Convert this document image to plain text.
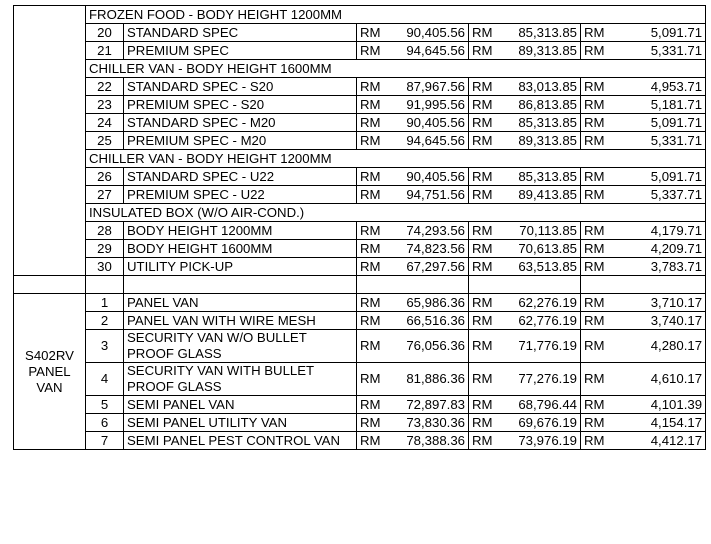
	FROZEN FOOD - BODY HEIGHT 1200MM				
	20	STANDARD SPEC	RM 90,405.56	RM 85,313.85	RM 5,091.71

	21	PREMIUM SPEC	RM 94,645.56	RM 89,313.85	RM 5,331.71

	CHILLER VAN - BODY HEIGHT 1600MM				
	22	STANDARD SPEC - S20	RM 87,967.56	RM 83,013.85	RM 4,953.71

	23	PREMIUM SPEC - S20	RM 91,995.56	RM 86,813.85	RM 5,181.71

	24	STANDARD SPEC - M20	RM 90,405.56	RM 85,313.85	RM 5,091.71

	25	PREMIUM SPEC - M20	RM 94,645.56	RM 89,313.85	RM 5,331.71

	CHILLER VAN - BODY HEIGHT 1200MM				
	26	STANDARD SPEC - U22	RM 90,405.56	RM 85,313.85	RM 5,091.71

	27	PREMIUM SPEC - U22	RM 94,751.56	RM 89,413.85	RM 5,337.71

	INSULATED BOX (W/O AIR-COND.)				
	28	BODY HEIGHT 1200MM	RM 74,293.56	RM 70,113.85	RM 4,179.71

	29	BODY HEIGHT 1600MM	RM 74,823.56	RM 70,613.85	RM 4,209.71

	30	UTILITY PICK-UP	RM 67,297.56	RM 63,513.85	RM 3,783.71

S402RV
PANEL
VAN	1	PANEL VAN	RM 65,986.36	RM 62,276.19	RM 3,710.17

	2	PANEL VAN WITH WIRE MESH	RM 66,516.36	RM 62,776.19	RM 3,740.17

	3	SECURITY VAN W/O BULLET
PROOF GLASS	RM 76,056.36	RM 71,776.19	RM 4,280.17

	4	SECURITY VAN WITH BULLET
PROOF GLASS	RM 81,886.36	RM 77,276.19	RM 4,610.17

	5	SEMI PANEL VAN	RM 72,897.83	RM 68,796.44	RM 4,101.39

	6	SEMI PANEL UTILITY VAN	RM 73,830.36	RM 69,676.19	RM 4,154.17

	7	SEMI PANEL PEST CONTROL VAN	RM 78,388.36	RM 73,976.19	RM 4,412.17
